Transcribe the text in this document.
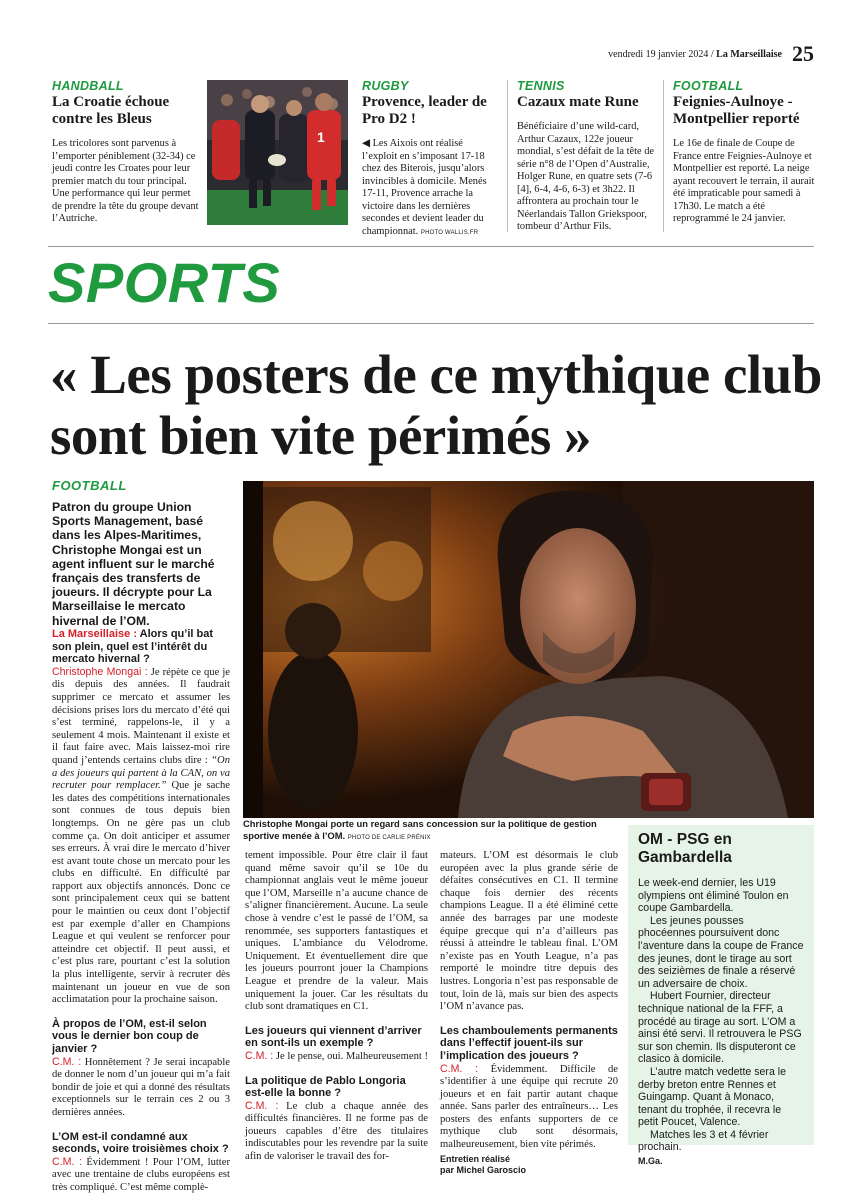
vendredi 19 janvier 2024 / La Marseillaise 25
HANDBALL
La Croatie échoue contre les Bleus
Les tricolores sont parvenus à l’emporter péniblement (32-34) ce jeudi contre les Croates pour leur premier match du tour principal. Une performance qui leur permet de prendre la tête du groupe devant l’Autriche.
1
RUGBY
Provence, leader de Pro D2 !
◀ Les Aixois ont réalisé l’exploit en s’imposant 17-18 chez des Biterois, jusqu’alors invincibles à domicile. Menés 17-11, Provence arrache la victoire dans les dernières secondes et devient leader du championnat. PHOTO WALLIS.FR
TENNIS
Cazaux mate Rune
Bénéficiaire d’une wild-card, Arthur Cazaux, 122e joueur mondial, s’est défait de la tête de série n°8 de l’Open d’Australie, Holger Rune, en quatre sets (7-6 [4], 6-4, 4-6, 6-3) et 3h22. Il affrontera au prochain tour le Néerlandais Tallon Griekspoor, tombeur d’Arthur Fils.
FOOTBALL
Feignies-Aulnoye - Montpellier reporté
Le 16e de finale de Coupe de France entre Feignies-Aulnoye et Montpellier est reporté. La neige ayant recouvert le terrain, il aurait été impraticable pour samedi à 17h30. Le match a été reprogrammé le 24 janvier.
SPORTS
« Les posters de ce mythique club sont bien vite périmés »
FOOTBALL
Patron du groupe Union Sports Management, basé dans les Alpes-Maritimes, Christophe Mongai est un agent influent sur le marché français des transferts de joueurs. Il décrypte pour La Marseillaise le mercato hivernal de l’OM.

La Marseillaise : Alors qu’il bat son plein, quel est l’intérêt du mercato hivernal ?

Christophe Mongai : Je répète ce que je dis depuis des années. Il faudrait supprimer ce mercato et assumer les décisions prises lors du mercato d’été qui s’est terminé, rappelons-le, il y a seulement 4 mois. Maintenant il existe et il faut faire avec. Mais laissez-moi rire quand j’entends certains clubs dire : “On a des joueurs qui partent à la CAN, on va recruter pour remplacer.” Que je sache les dates des compétitions internationales sont connues de tous depuis bien longtemps. On ne gère pas un club comme ça. On doit anticiper et assumer ses erreurs. À vrai dire le mercato d’hiver est avant toute chose un mercato pour les clubs en difficulté. En difficulté par rapport aux objectifs annoncés. Donc ce sont principalement ceux qui se battent pour le maintien ou ceux dont l’objectif est par exemple d’aller en Champions League et qui veulent se renforcer pour atteindre cet objectif. Il peut aussi, et c’est plus rare, pourtant c’est la solution la plus intelligente, servir à recruter dès maintenant un joueur en vue de son acclimatation pour la prochaine saison.

À propos de l’OM, est-il selon vous le dernier bon coup de janvier ?

C.M. : Honnêtement ? Je serai incapable de donner le nom d’un joueur qui m’a fait bondir de joie et qui a donné des résultats exceptionnels sur le terrain ces 2 ou 3 dernières années.

L’OM est-il condamné aux seconds, voire troisièmes choix ?

C.M. : Évidemment ! Pour l’OM, lutter avec une trentaine de clubs européens est très compliqué. C’est même complè-

Christophe Mongai porte un regard sans concession sur la politique de gestion sportive menée à l’OM. PHOTO DE CARLIE PRÉNIX

tement impossible. Pour être clair il faut quand même savoir qu’il se 10e du championnat anglais veut le même joueur que l’OM, Marseille n’a aucune chance de s’aligner financièrement. Aucune. La seule chose à vendre c’est le passé de l’OM, sa renommée, ses supporters fantastiques et uniques. L’ambiance du Vélodrome. Uniquement. Et éventuellement dire que les joueurs pourront jouer la Champions League et prendre de la valeur. Mais uniquement la jouer. Car les résultats du club sont dramatiques en C1.

Les joueurs qui viennent d’arriver en sont-ils un exemple ?

C.M. : Je le pense, oui. Malheureusement !

La politique de Pablo Longoria est-elle la bonne ?

C.M. : Le club a chaque année des difficultés financières. Il ne forme pas de joueurs capables d’être des titulaires indiscutables pour les revendre par la suite afin de valoriser le travail des for-

mateurs. L’OM est désormais le club européen avec la plus grande série de défaites consécutives en C1. Il termine chaque fois dernier des récents champions League. Il a été éliminé cette année des barrages par une modeste équipe grecque qui n’a d’ailleurs pas réussi à atteindre le tableau final. L’OM n’existe pas en Youth League, n’a pas remporté le moindre titre depuis des lustres. Longoria n’est pas responsable de tout, loin de là, mais sur bien des aspects l’OM n’avance pas.

Les chamboulements permanents dans l’effectif jouent-ils sur l’implication des joueurs ?

C.M. : Évidemment. Difficile de s’identifier à une équipe qui recrute 20 joueurs et en fait partir autant chaque année. Sans parler des entraîneurs… Les posters des enfants supporters de ce mythique club sont désormais, malheureusement, bien vite périmés.

Entretien réalisé
par Michel Garoscio

OM - PSG en Gambardella

Le week-end dernier, les U19 olympiens ont éliminé Toulon en coupe Gambardella.

Les jeunes pousses phocéennes poursuivent donc l’aventure dans la coupe de France des jeunes, dont le tirage au sort des seizièmes de finale a réservé un adversaire de choix.

Hubert Fournier, directeur technique national de la FFF, a procédé au tirage au sort. L’OM a ainsi été servi. Il retrouvera le PSG sur son chemin. Ils disputeront ce clasico à domicile.

L’autre match vedette sera le derby breton entre Rennes et Guingamp. Quant à Monaco, tenant du trophée, il recevra le petit Poucet, Valence.

Matches les 3 et 4 février prochain.

M.Ga.
